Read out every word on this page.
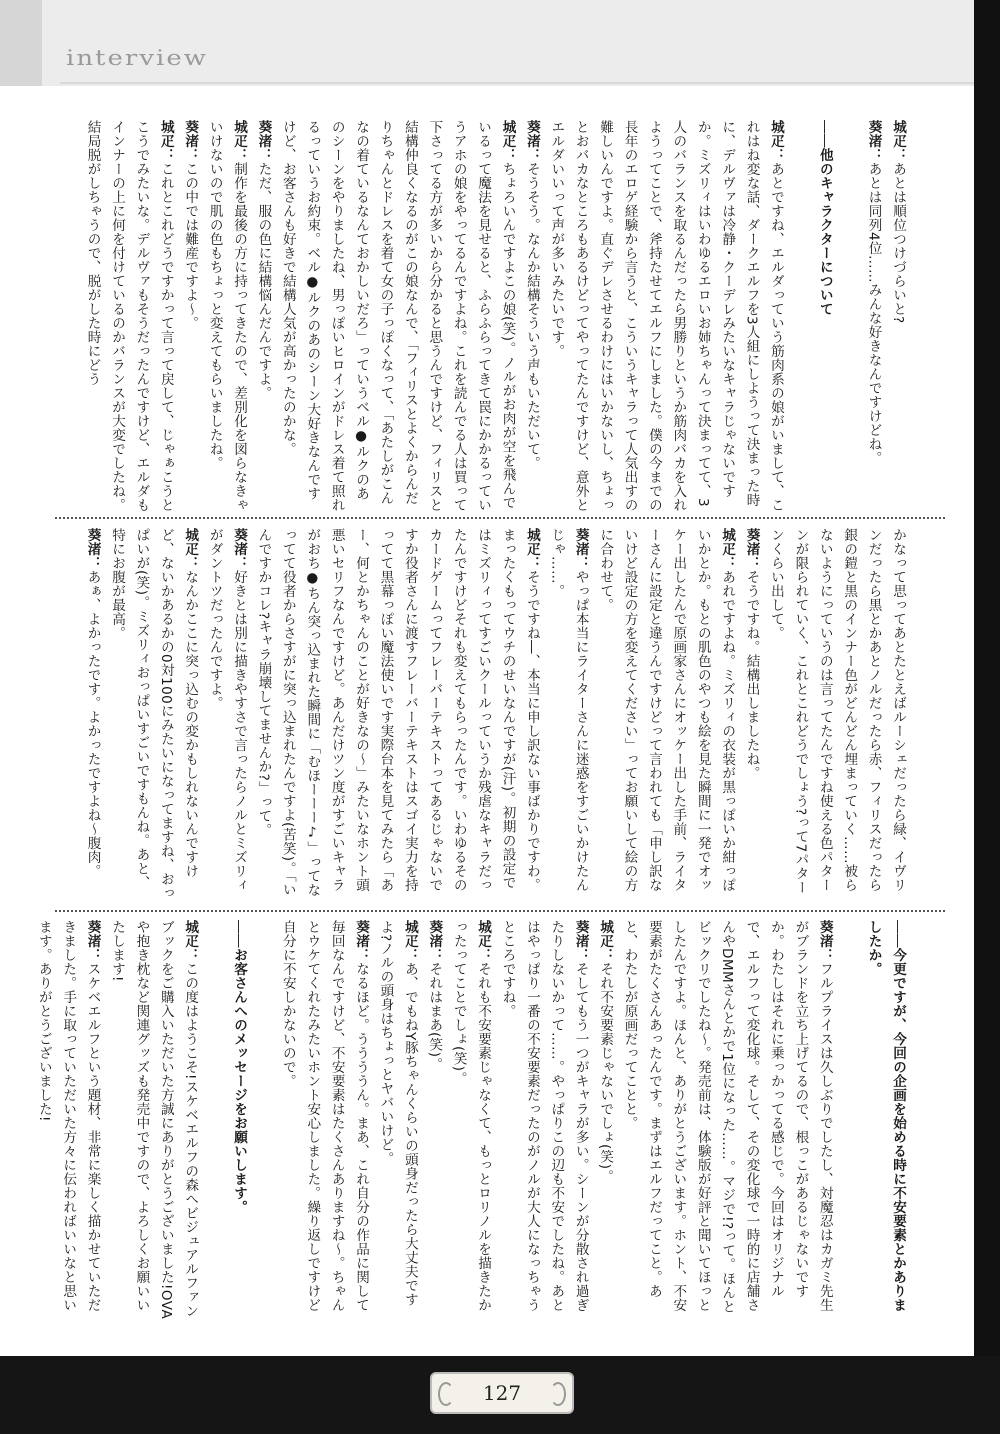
interview

城疋：あとは順位つけづらいと?

葵渚：あとは同列4位……みんな好きなんですけどね。

――他のキャラクターについて

城疋：あとですね、エルダっていう筋肉系の娘がいまして、これはね変な話、ダークエルフを3人組にしようって決まった時に、デルヴァは冷静・クーデレみたいなキャラじゃないですか。ミズリィはいわゆるエロいお姉ちゃんって決まってて、3人のバランスを取るんだったら男勝りというか筋肉バカを入れようってことで、斧持たせてエルフにしました。僕の今までの長年のエロゲ経験から言うと、こういうキャラって人気出すの難しいんですよ。直ぐデレさせるわけにはいかないし、ちょっとおバカなところもあるけどってやってたんですけど、意外とエルダいいって声が多いみたいです。

葵渚：そうそう。なんか結構そういう声もいただいて。

城疋：ちょろいんですよこの娘(笑)。ノルがお肉が空を飛んでいるって魔法を見せると、ふらふらってきて罠にかかるっていうアホの娘をやってるんですよね。これを読んでる人は買って下さってる方が多いから分かると思うんですけど、フィリスと結構仲良くなるのがこの娘なんで、「フィリスとよくからんだりちゃんとドレスを着て女の子っぽくなって、「あたしがこんなの着ているなんておかしいだろ」っていうベル●ルクのあのシーンをやりましたね、男っぽいヒロインがドレス着て照れるっていうお約束。ベル●ルクのあのシーン大好きなんですけど、お客さんも好きで結構人気が高かったのかな。

葵渚：ただ、服の色に結構悩んだんですよ。

城疋：制作を最後の方に持ってきたので、差別化を図らなきゃいけないので肌の色もちょっと変えてもらいましたね。

葵渚：この中では難産ですよ～。

城疋：これとこれどうですかって言って戻して、じゃぁこうとこうでみたいな。デルヴァもそうだったんですけど、エルダもインナーの上に何を付けているのかバランスが大変でしたね。結局脱がしちゃうので、脱がした時にどう

かなって思ってあとたとえばルーシェだったら緑、イヴリンだったら黒とかあとノルだったら赤、フィリスだったら銀の鎧と黒のインナー色がどんどん埋まっていく……被らないようにっていうのは言ってたんですね使える色パターンが限られていく、これとこれどうでしょう?って7パターンくらい出して。

葵渚：そうですね。結構出しましたね。

城疋：あれですよね。ミズリィの衣装が黒っぽいか紺っぽいかとか。もとの肌色のやつも絵を見た瞬間に一発でオッケー出したんで原画家さんにオッケー出した手前、ライターさんに設定と違うんですけどって言われても「申し訳ないけど設定の方を変えてください」ってお願いして絵の方に合わせて。

葵渚：やっぱ本当にライターさんに迷惑をすごいかけたんじゃ……。

城疋：そうですね―、本当に申し訳ない事ばかりですわ。まったくもってウチのせいなんですが(汗)。初期の設定ではミズリィってすごいクールっていうか残虐なキャラだったんですけどそれも変えてもらったんです。いわゆるそのカードゲームってフレーバーテキストってあるじゃないですか役者さんに渡すフレーバーテキストはスゴイ実力を持ってて黒幕っぽい魔法使いです実際台本を見てみたら「あー、何とかちゃんのことが好きなの～」みたいなホント頭悪いセリフなんですけど。あんだけツン度がすごいキャラがおち●ちん突っ込まれた瞬間に「むほーーー♪」ってなってて役者からさすがに突っ込まれたんですよ(苦笑)。「いんですかコレ?キャラ崩壊してませんか?」って。

葵渚：好きとは別に描きやすさで言ったらノルとミズリィがダントツだったんですよ。

城疋：なんかここに突っ込むの変かもしれないんですけど、ないかあるかの0対100にみたいになってますね、おっぱいが(笑)。ミズリィおっぱいすごいですもんね。あと、特にお腹が最高。

葵渚：あぁ、よかったです。よかったですよね～腹肉。

――今更ですが、今回の企画を始める時に不安要素とかありましたか。

葵渚：フルプライスは久しぶりでしたし、対魔忍はカガミ先生がブランドを立ち上げてるので、根っこがあるじゃないですか。わたしはそれに乗っかってる感じで。今回はオリジナルで、エルフって変化球。そして、その変化球で一時的に店舗さんやDMMさんとかで1位になった……。マジで!?って。ほんとビックリでしたね～。発売前は、体験版が好評と聞いてほっとしたんですよ。ほんと、ありがとうございます。ホント、不安要素がたくさんあったんです。まずはエルフだってこと。あと、わたしが原画だってことと。

城疋：それ不安要素じゃないでしょ(笑)。

葵渚：そしてもう一つがキャラが多い。シーンが分散され過ぎたりしないかって……。やっぱりこの辺も不安でしたね。あとはやっぱり一番の不安要素だったのがノルが大人になっちゃうところですね。

城疋：それも不安要素じゃなくて、もっとロリノルを描きたかったってことでしょ(笑)。

葵渚：それはまあ(笑)。

城疋：あ、でもねY豚ちゃんくらいの頭身だったら大丈夫ですよ?ノルの頭身はちょっとヤバいけど。

葵渚：なるほど。ううううん。まあ、これ自分の作品に関して毎回なんですけど、不安要素はたくさんありますね～。ちゃんとウケてくれたみたいホント安心しました。繰り返しですけど自分に不安しかないので。

――お客さんへのメッセージをお願いします。

城疋：この度はようこそ!スケベエルフの森へビジュアルファンブックをご購入いただいた方誠にありがとうございました!OVAや抱き枕など関連グッズも発売中ですので、よろしくお願いいたします!

葵渚：スケベエルフという題材、非常に楽しく描かせていただきました。手に取っていただいた方々に伝わればいいなと思います。ありがとうございました!

127
